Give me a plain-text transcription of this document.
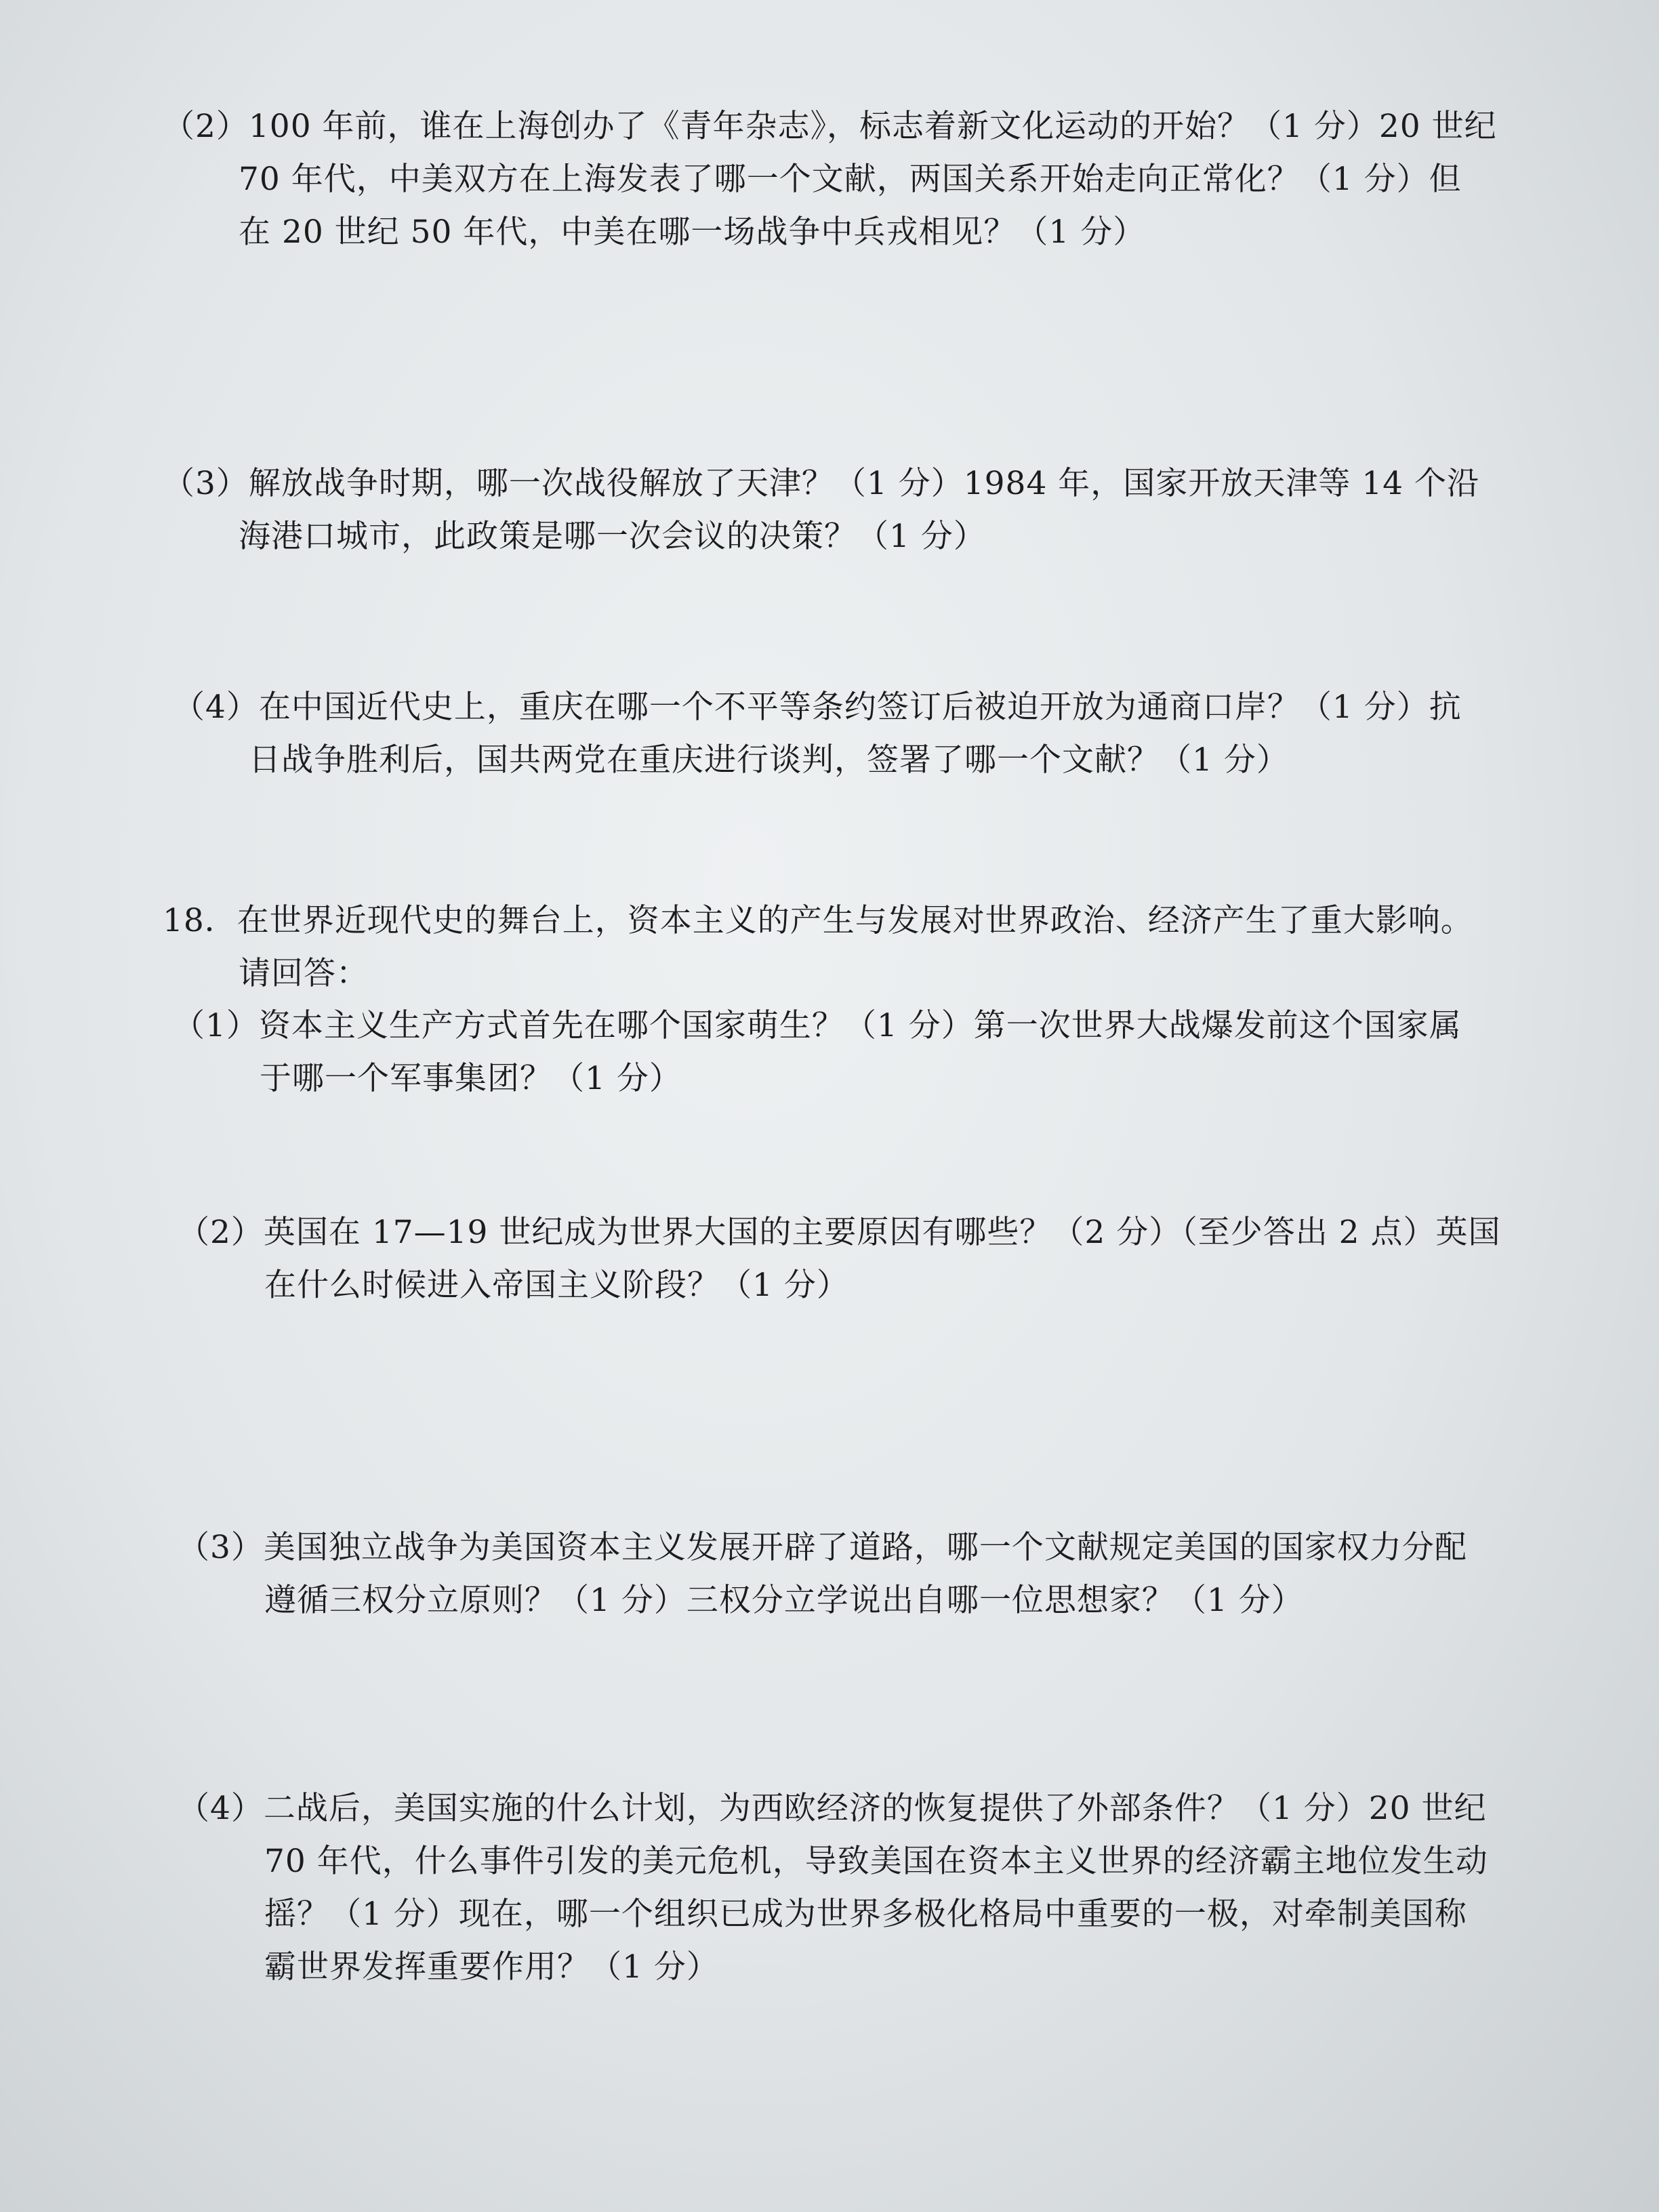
（2）100 年前，谁在上海创办了《青年杂志》，标志着新文化运动的开始？（1 分）20 世纪
70 年代，中美双方在上海发表了哪一个文献，两国关系开始走向正常化？（1 分）但
在 20 世纪 50 年代，中美在哪一场战争中兵戎相见？（1 分）
（3）解放战争时期，哪一次战役解放了天津？（1 分）1984 年，国家开放天津等 14 个沿
海港口城市，此政策是哪一次会议的决策？（1 分）
（4）在中国近代史上，重庆在哪一个不平等条约签订后被迫开放为通商口岸？（1 分）抗
日战争胜利后，国共两党在重庆进行谈判，签署了哪一个文献？（1 分）
18．在世界近现代史的舞台上，资本主义的产生与发展对世界政治、经济产生了重大影响。
请回答：
（1）资本主义生产方式首先在哪个国家萌生？（1 分）第一次世界大战爆发前这个国家属
于哪一个军事集团？（1 分）
（2）英国在 17—19 世纪成为世界大国的主要原因有哪些？（2 分）（至少答出 2 点）英国
在什么时候进入帝国主义阶段？（1 分）
（3）美国独立战争为美国资本主义发展开辟了道路，哪一个文献规定美国的国家权力分配
遵循三权分立原则？（1 分）三权分立学说出自哪一位思想家？（1 分）
（4）二战后，美国实施的什么计划，为西欧经济的恢复提供了外部条件？（1 分）20 世纪
70 年代，什么事件引发的美元危机，导致美国在资本主义世界的经济霸主地位发生动
摇？（1 分）现在，哪一个组织已成为世界多极化格局中重要的一极，对牵制美国称
霸世界发挥重要作用？（1 分）
